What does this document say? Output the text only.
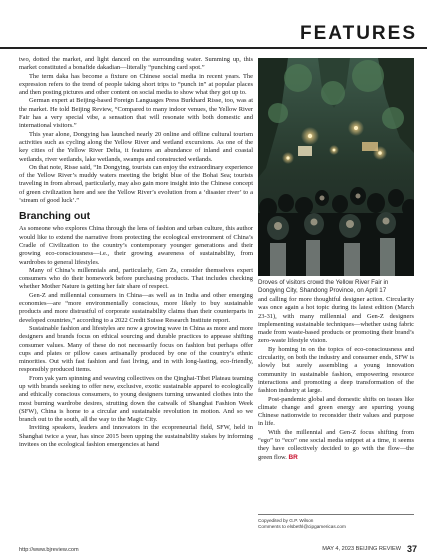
FEATURES

two, dotted the market, and light danced on the surrounding water. Summing up, this market constituted a bonafide dakadian—literally “punching card spot.”

The term daka has become a fixture on Chinese social media in recent years. The expression refers to the trend of people taking short trips to “punch in” at popular places and then posting pictures and other content on social media to show what they got up to.

German expert at Beijing-based Foreign Languages Press Burkhard Risse, too, was at the market. He told Beijing Review, “Compared to many indoor venues, the Yellow River Fair has a very special vibe, a sensation that will resonate with both domestic and international visitors.”

This year alone, Dongying has launched nearly 20 online and offline cultural tourism activities such as cycling along the Yellow River and wetland excursions. As one of the key cities of the Yellow River Delta, it features an abundance of inland and coastal wetlands, river wetlands, lake wetlands, swamps and constructed wetlands.

On that note, Risse said, “In Dongying, tourists can enjoy the extraordinary experience of the Yellow River’s muddy waters meeting the bright blue of the Bohai Sea; tourists traveling in from abroad, particularly, may also gain more insight into the Chinese concept of green civilization here and see the Yellow River’s evolution from a ‘disaster river’ to a ‘stream of good luck’.”

Branching out

As someone who explores China through the lens of fashion and urban culture, this author would like to extend the narrative from protecting the ecological environment of China’s Cradle of Civilization to the country’s contemporary younger generations and their growing eco-consciousness—i.e., their growing awareness of sustainability, from wardrobes to general lifestyles.

Many of China’s millennials and, particularly, Gen Zs, consider themselves expert consumers who do their homework before purchasing products. That includes checking whether Mother Nature is getting her fair share of respect.

Gen-Z and millennial consumers in China—as well as in India and other emerging economies—are “more environmentally conscious, more likely to buy sustainable products and more distrustful of corporate sustainability claims than their counterparts in developed countries,” according to a 2022 Credit Suisse Research Institute report.

Sustainable fashion and lifestyles are now a growing wave in China as more and more designers and brands focus on ethical sourcing and durable practices to appease shifting consumer values. Many of these do not necessarily focus on fashion but perhaps offer cups and plates or pillow cases artisanally produced by one of the country’s ethnic minorities. Out with fast fashion and fast living, and in with long-lasting, eco-friendly, responsibly produced items.

From yak yarn spinning and weaving collectives on the Qinghai-Tibet Plateau teaming up with brands seeking to offer new, exclusive, exotic sustainable apparel to ecologically and ethically conscious consumers, to young designers turning unwanted clothes into the most burning wardrobe desires, strutting down the catwalk of Shanghai Fashion Week (SFW), China is home to a circular and sustainable revolution in motion. And so we branch out to the south, all the way to the Magic City.

Inviting speakers, leaders and innovators in the ecopreneurial field, SFW, held in Shanghai twice a year, has since 2015 been upping the sustainability stakes by informing invitees on the ecological fashion emergencies at hand

Droves of visitors crowd the Yellow River Fair in Dongying City, Shandong Province, on April 17

and calling for more thoughtful designer action. Circularity was once again a hot topic during its latest edition (March 23-31), with many millennial and Gen-Z designers implementing sustainable techniques—whether using fabric made from waste-based products or promoting their brand’s zero-waste lifestyle vision.

By homing in on the topics of eco-consciousness and circularity, on both the industry and consumer ends, SFW is slowly but surely assembling a young innovation community in sustainable fashion, empowering resource interactions and promoting a deep transformation of the fashion industry at large.

Post-pandemic global and domestic shifts on issues like climate change and green energy are spurring young Chinese nationwide to reconsider their values and purpose in life.

With the millennial and Gen-Z focus shifting from “ego” to “eco” one social media snippet at a time, it seems they have collectively decided to go with the flow—the green flow. BR

Copyedited by G.P. Wilson
Comments to elsbethl@cipgamericas.com
http://www.bjreview.com	MAY 4, 2023 BEIJING REVIEW 37
